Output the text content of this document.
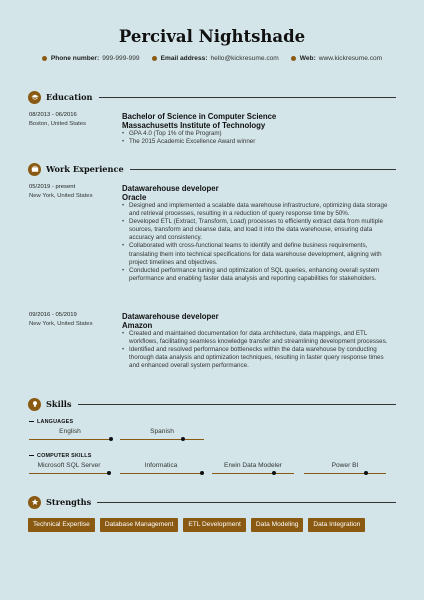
Percival Nightshade
Phone number: 999-999-999	Email address: hello@kickresume.com	Web: www.kickresume.com
Education
08/2013 - 06/2016
Boston, United States
Bachelor of Science in Computer Science
Massachusetts Institute of Technology
• GPA 4.0 (Top 1% of the Program)
• The 2015 Academic Excellence Award winner
Work Experience
05/2019 - present
New York, United States
Datawarehouse developer
Oracle
• Designed and implemented a scalable data warehouse infrastructure, optimizing data storage and retrieval processes, resulting in a reduction of query response time by 50%.
• Developed ETL (Extract, Transform, Load) processes to efficiently extract data from multiple sources, transform and cleanse data, and load it into the data warehouse, ensuring data accuracy and consistency.
• Collaborated with cross-functional teams to identify and define business requirements, translating them into technical specifications for data warehouse development, aligning with project timelines and objectives.
• Conducted performance tuning and optimization of SQL queries, enhancing overall system performance and enabling faster data analysis and reporting capabilities for stakeholders.
09/2016 - 05/2019
New York, United States
Datawarehouse developer
Amazon
• Created and maintained documentation for data architecture, data mappings, and ETL workflows, facilitating seamless knowledge transfer and streamlining development processes.
• Identified and resolved performance bottlenecks within the data warehouse by conducting thorough data analysis and optimization techniques, resulting in faster query response times and enhanced overall system performance.
Skills
LANGUAGES
English	Spanish
COMPUTER SKILLS
Microsoft SQL Server	Informatica	Erwin Data Modeler	Power BI
Strengths
Technical Expertise	Database Management	ETL Development	Data Modeling	Data Integration
